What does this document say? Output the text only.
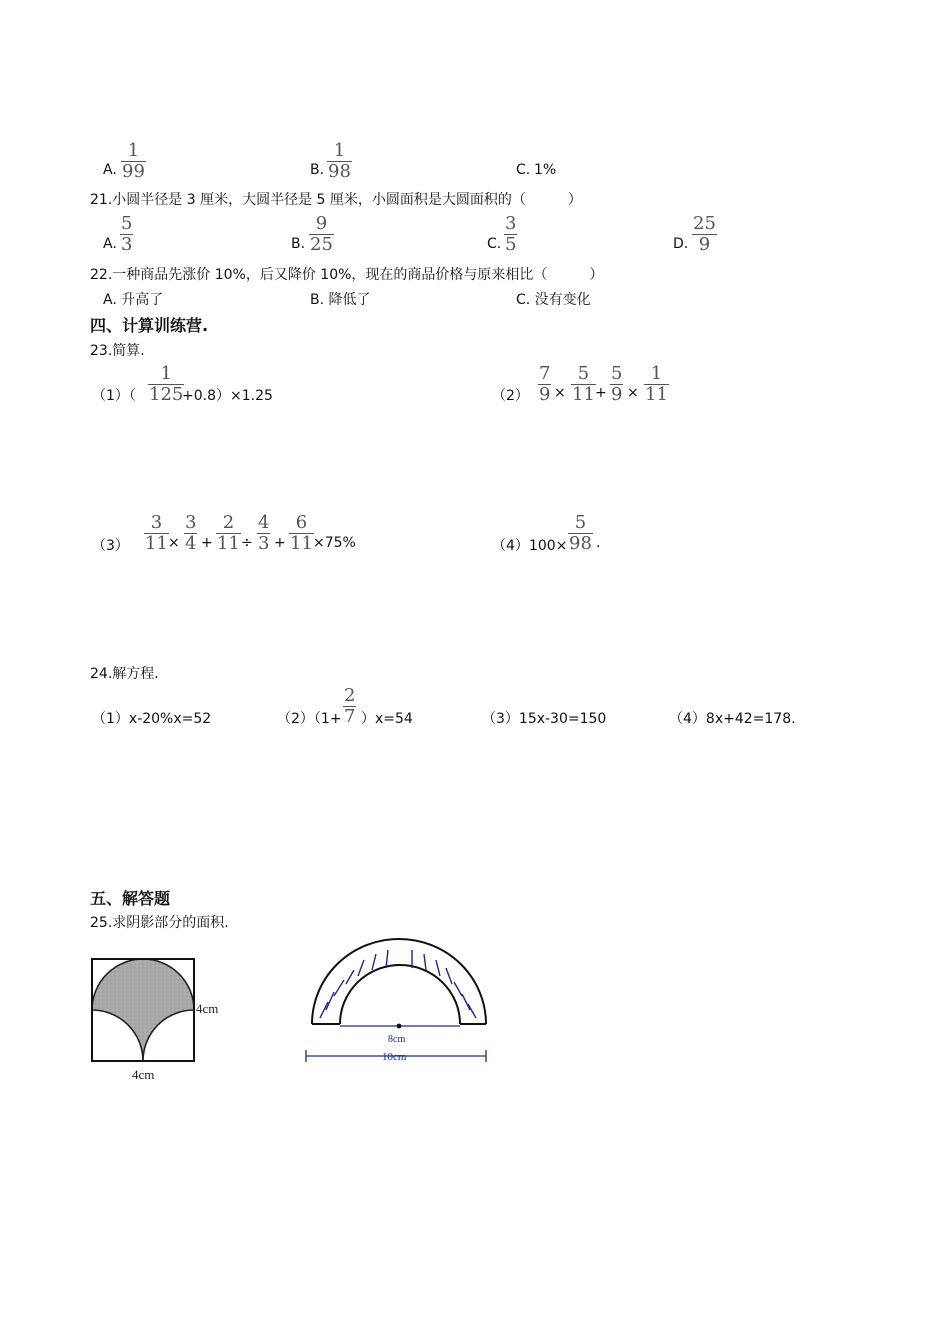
A.
1
99	B.
1
98	C. 1%
21.小圆半径是 3 厘米，大圆半径是 5 厘米，小圆面积是大圆面积的（　　　）
A.
5
3	B.
9
25	C.
3
5	D.
25
9
22.一种商品先涨价 10%，后又降价 10%，现在的商品价格与原来相比（　　　）
A. 升高了	B. 降低了	C. 没有变化
四、计算训练营.
23.简算.
（1）（
1
125
+0.8）×1.25	（2）
7
9 ×
5
11 +
5
9 ×
1
11
（3）
3
11 ×
3
4 +
2
11 ÷
4
3 +
6
11 ×75%	（4）100×
5
98 .
24.解方程.
（1）x-20%x=52	（2）（1+
2
7 ）x=54	（3）15x-30=150	（4）8x+42=178.
五、解答题
25.求阴影部分的面积.
4cm
4cm
8cm
10cm
